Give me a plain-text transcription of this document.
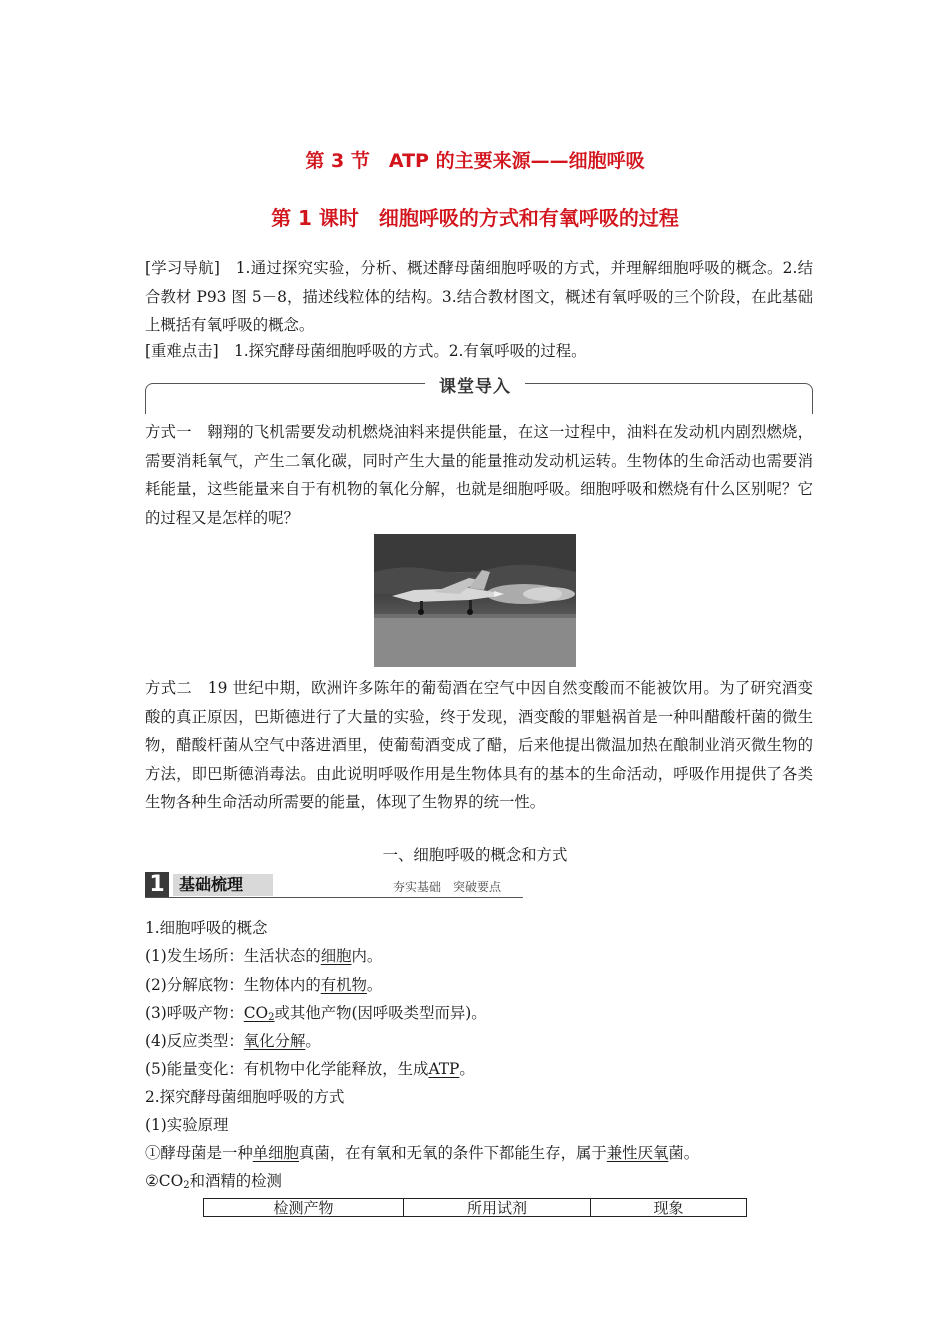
第 3 节　ATP 的主要来源——细胞呼吸
第 1 课时　细胞呼吸的方式和有氧呼吸的过程

[学习导航]　1.通过探究实验，分析、概述酵母菌细胞呼吸的方式，并理解细胞呼吸的概念。2.结合教材 P93 图 5－8，描述线粒体的结构。3.结合教材图文，概述有氧呼吸的三个阶段，在此基础上概括有氧呼吸的概念。

[重难点击]　1.探究酵母菌细胞呼吸的方式。2.有氧呼吸的过程。
课堂导入

方式一　翱翔的飞机需要发动机燃烧油料来提供能量，在这一过程中，油料在发动机内剧烈燃烧，需要消耗氧气，产生二氧化碳，同时产生大量的能量推动发动机运转。生物体的生命活动也需要消耗能量，这些能量来自于有机物的氧化分解，也就是细胞呼吸。细胞呼吸和燃烧有什么区别呢？它的过程又是怎样的呢？

方式二　19 世纪中期，欧洲许多陈年的葡萄酒在空气中因自然变酸而不能被饮用。为了研究酒变酸的真正原因，巴斯德进行了大量的实验，终于发现，酒变酸的罪魁祸首是一种叫醋酸杆菌的微生物，醋酸杆菌从空气中落进酒里，使葡萄酒变成了醋，后来他提出微温加热在酿制业消灭微生物的方法，即巴斯德消毒法。由此说明呼吸作用是生物体具有的基本的生命活动，呼吸作用提供了各类生物各种生命活动所需要的能量，体现了生物界的统一性。

一、细胞呼吸的概念和方式
1 基础梳理	夯实基础　突破要点
1.细胞呼吸的概念
(1)发生场所：生活状态的细胞内。
(2)分解底物：生物体内的有机物。
(3)呼吸产物：$CO_2$或其他产物(因呼吸类型而异)。
(4)反应类型：氧化分解。
(5)能量变化：有机物中化学能释放，生成ATP。
2.探究酵母菌细胞呼吸的方式
(1)实验原理
①酵母菌是一种单细胞真菌，在有氧和无氧的条件下都能生存，属于兼性厌氧菌。
$②CO_2$和酒精的检测
检测产物	所用试剂	现象
